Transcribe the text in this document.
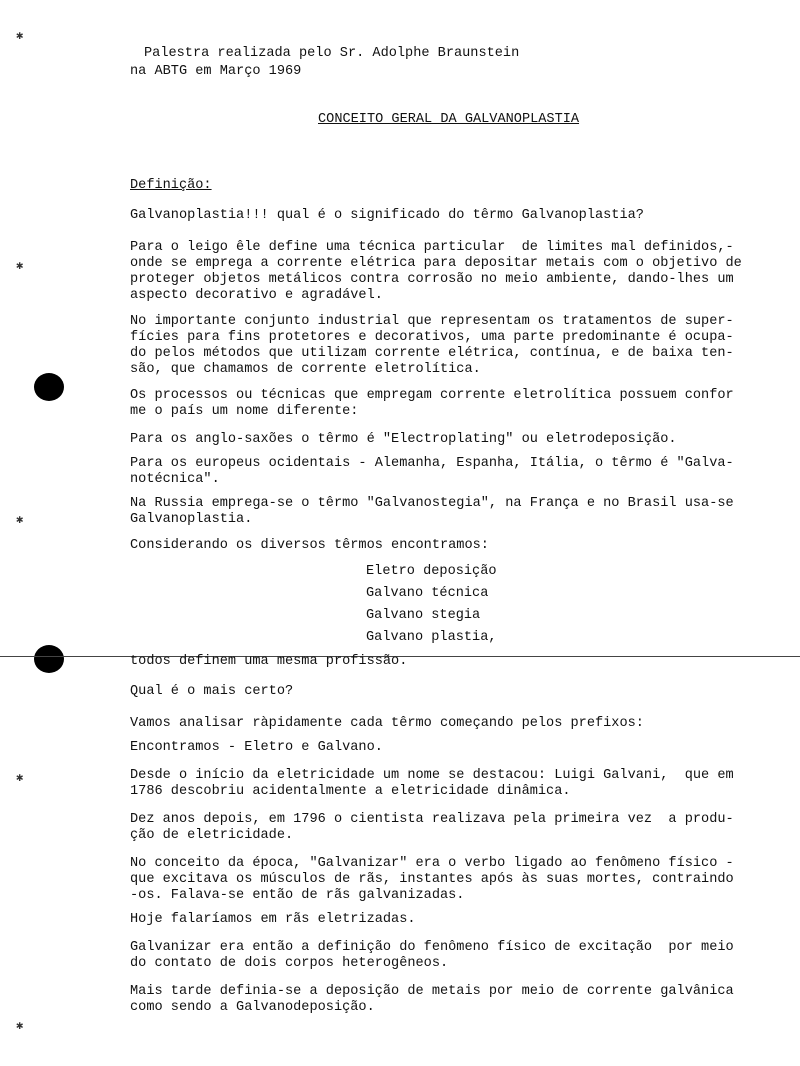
✱
✱
✱
✱
✱
Palestra realizada pelo Sr. Adolphe Braunstein
na ABTG em Março 1969
CONCEITO GERAL DA GALVANOPLASTIA
Definição:
Galvanoplastia!!! qual é o significado do têrmo Galvanoplastia?
Para o leigo êle define uma técnica particular  de limites mal definidos,-
onde se emprega a corrente elétrica para depositar metais com o objetivo de
proteger objetos metálicos contra corrosão no meio ambiente, dando-lhes um
aspecto decorativo e agradável.
No importante conjunto industrial que representam os tratamentos de super-
fícies para fins protetores e decorativos, uma parte predominante é ocupa-
do pelos métodos que utilizam corrente elétrica, contínua, e de baixa ten-
são, que chamamos de corrente eletrolítica.
Os processos ou técnicas que empregam corrente eletrolítica possuem confor
me o país um nome diferente:
Para os anglo-saxões o têrmo é "Electroplating" ou eletrodeposição.
Para os europeus ocidentais - Alemanha, Espanha, Itália, o têrmo é "Galva-
notécnica".
Na Russia emprega-se o têrmo "Galvanostegia", na França e no Brasil usa-se
Galvanoplastia.
Considerando os diversos têrmos encontramos:
Eletro deposição
Galvano técnica
Galvano stegia
Galvano plastia,
todos definem uma mesma profissão.
Qual é o mais certo?
Vamos analisar ràpidamente cada têrmo começando pelos prefixos:
Encontramos - Eletro e Galvano.
Desde o início da eletricidade um nome se destacou: Luigi Galvani,  que em
1786 descobriu acidentalmente a eletricidade dinâmica.
Dez anos depois, em 1796 o cientista realizava pela primeira vez  a produ-
ção de eletricidade.
No conceito da época, "Galvanizar" era o verbo ligado ao fenômeno físico -
que excitava os músculos de rãs, instantes após às suas mortes, contraindo
-os. Falava-se então de rãs galvanizadas.
Hoje falaríamos em rãs eletrizadas.
Galvanizar era então a definição do fenômeno físico de excitação  por meio
do contato de dois corpos heterogêneos.
Mais tarde definia-se a deposição de metais por meio de corrente galvânica
como sendo a Galvanodeposição.
